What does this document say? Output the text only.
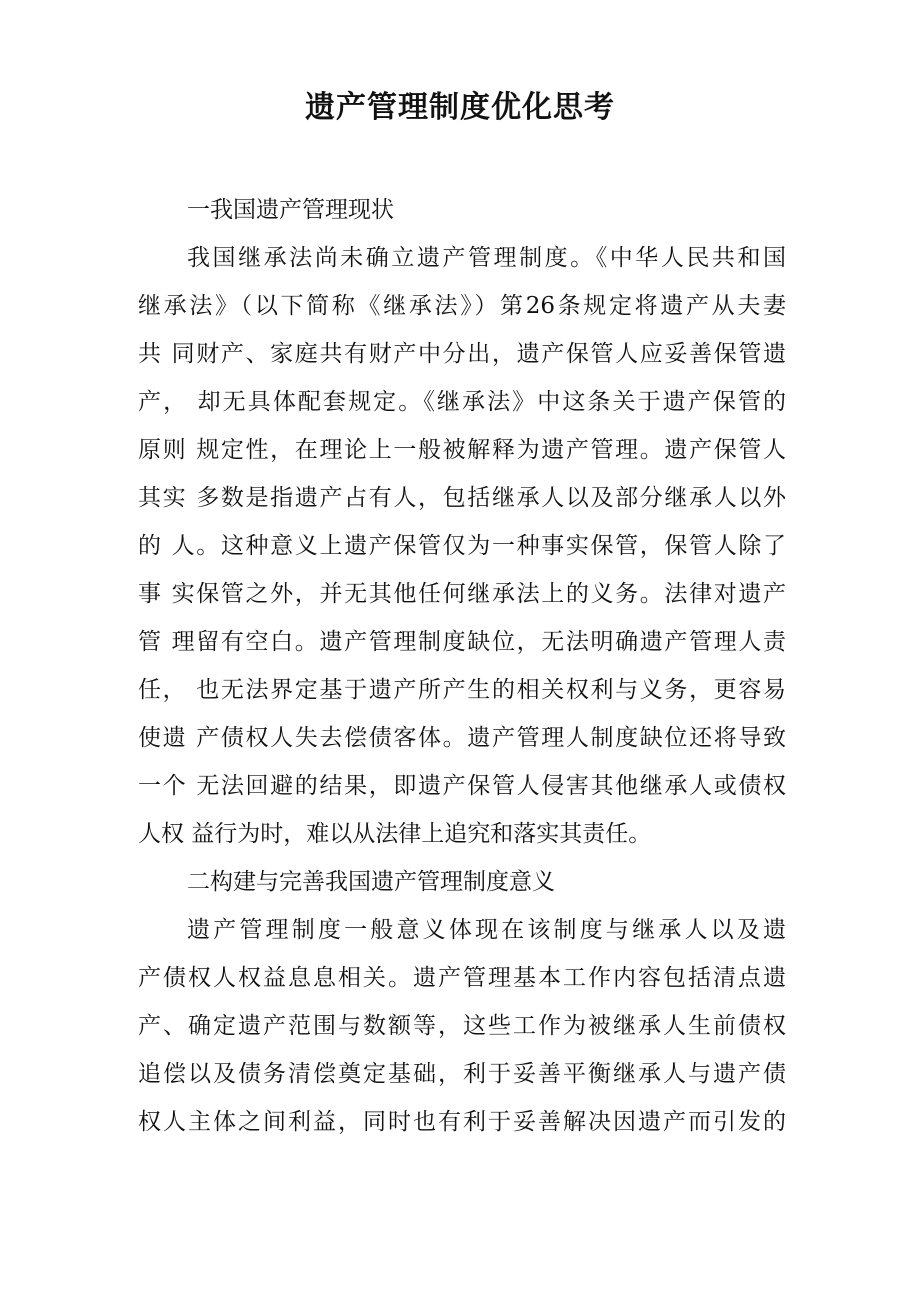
遗产管理制度优化思考
一我国遗产管理现状
我国继承法尚未确立遗产管理制度。《中华人民共和国
继承法》（以下简称《继承法》）第26条规定将遗产从夫妻
共 同财产、家庭共有财产中分出，遗产保管人应妥善保管遗
产， 却无具体配套规定。《继承法》中这条关于遗产保管的
原则 规定性，在理论上一般被解释为遗产管理。遗产保管人
其实 多数是指遗产占有人，包括继承人以及部分继承人以外
的 人。这种意义上遗产保管仅为一种事实保管，保管人除了
事 实保管之外，并无其他任何继承法上的义务。法律对遗产
管 理留有空白。遗产管理制度缺位，无法明确遗产管理人责
任， 也无法界定基于遗产所产生的相关权利与义务，更容易
使遗 产债权人失去偿债客体。遗产管理人制度缺位还将导致
一个 无法回避的结果，即遗产保管人侵害其他继承人或债权
人权 益行为时，难以从法律上追究和落实其责任。
二构建与完善我国遗产管理制度意义
遗产管理制度一般意义体现在该制度与继承人以及遗
产债权人权益息息相关。遗产管理基本工作内容包括清点遗
产、确定遗产范围与数额等，这些工作为被继承人生前债权
追偿以及债务清偿奠定基础，利于妥善平衡继承人与遗产债
权人主体之间利益，同时也有利于妥善解决因遗产而引发的
